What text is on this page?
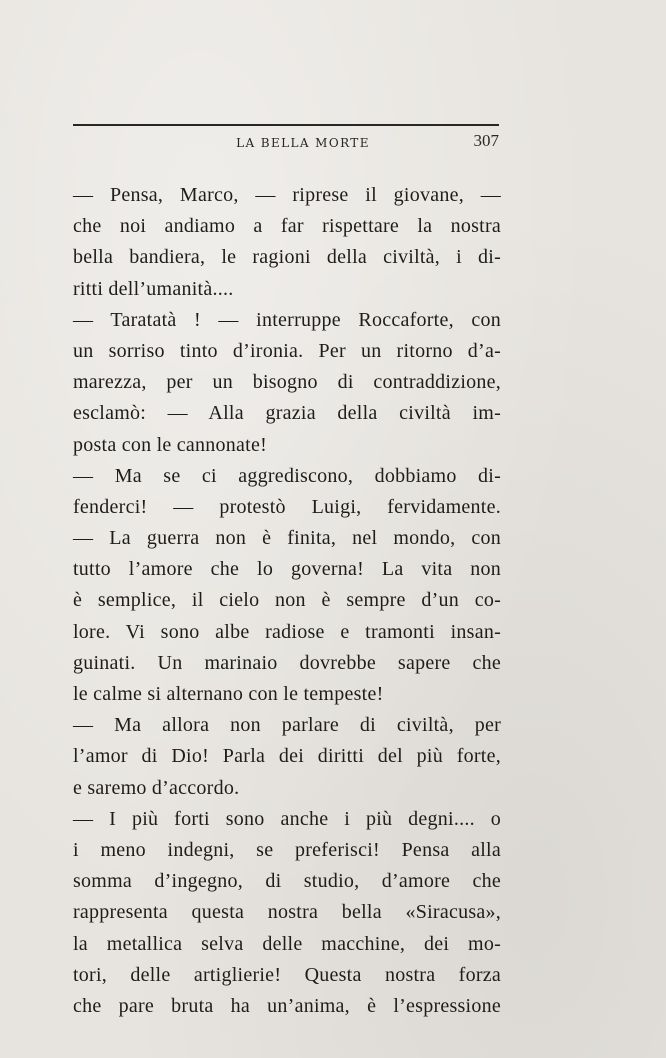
LA BELLA MORTE	307
— Pensa, Marco, — riprese il giovane, —
che noi andiamo a far rispettare la nostra
bella bandiera, le ragioni della civiltà, i di-
ritti dell’umanità....
— Taratatà ! — interruppe Roccaforte, con
un sorriso tinto d’ironia. Per un ritorno d’a-
marezza, per un bisogno di contraddizione,
esclamò: — Alla grazia della civiltà im-
posta con le cannonate!
— Ma se ci aggrediscono, dobbiamo di-
fenderci! — protestò Luigi, fervidamente.
— La guerra non è finita, nel mondo, con
tutto l’amore che lo governa! La vita non
è semplice, il cielo non è sempre d’un co-
lore. Vi sono albe radiose e tramonti insan-
guinati. Un marinaio dovrebbe sapere che
le calme si alternano con le tempeste!
— Ma allora non parlare di civiltà, per
l’amor di Dio! Parla dei diritti del più forte,
e saremo d’accordo.
— I più forti sono anche i più degni.... o
i meno indegni, se preferisci! Pensa alla
somma d’ingegno, di studio, d’amore che
rappresenta questa nostra bella «Siracusa»,
la metallica selva delle macchine, dei mo-
tori, delle artiglierie! Questa nostra forza
che pare bruta ha un’anima, è l’espressione
